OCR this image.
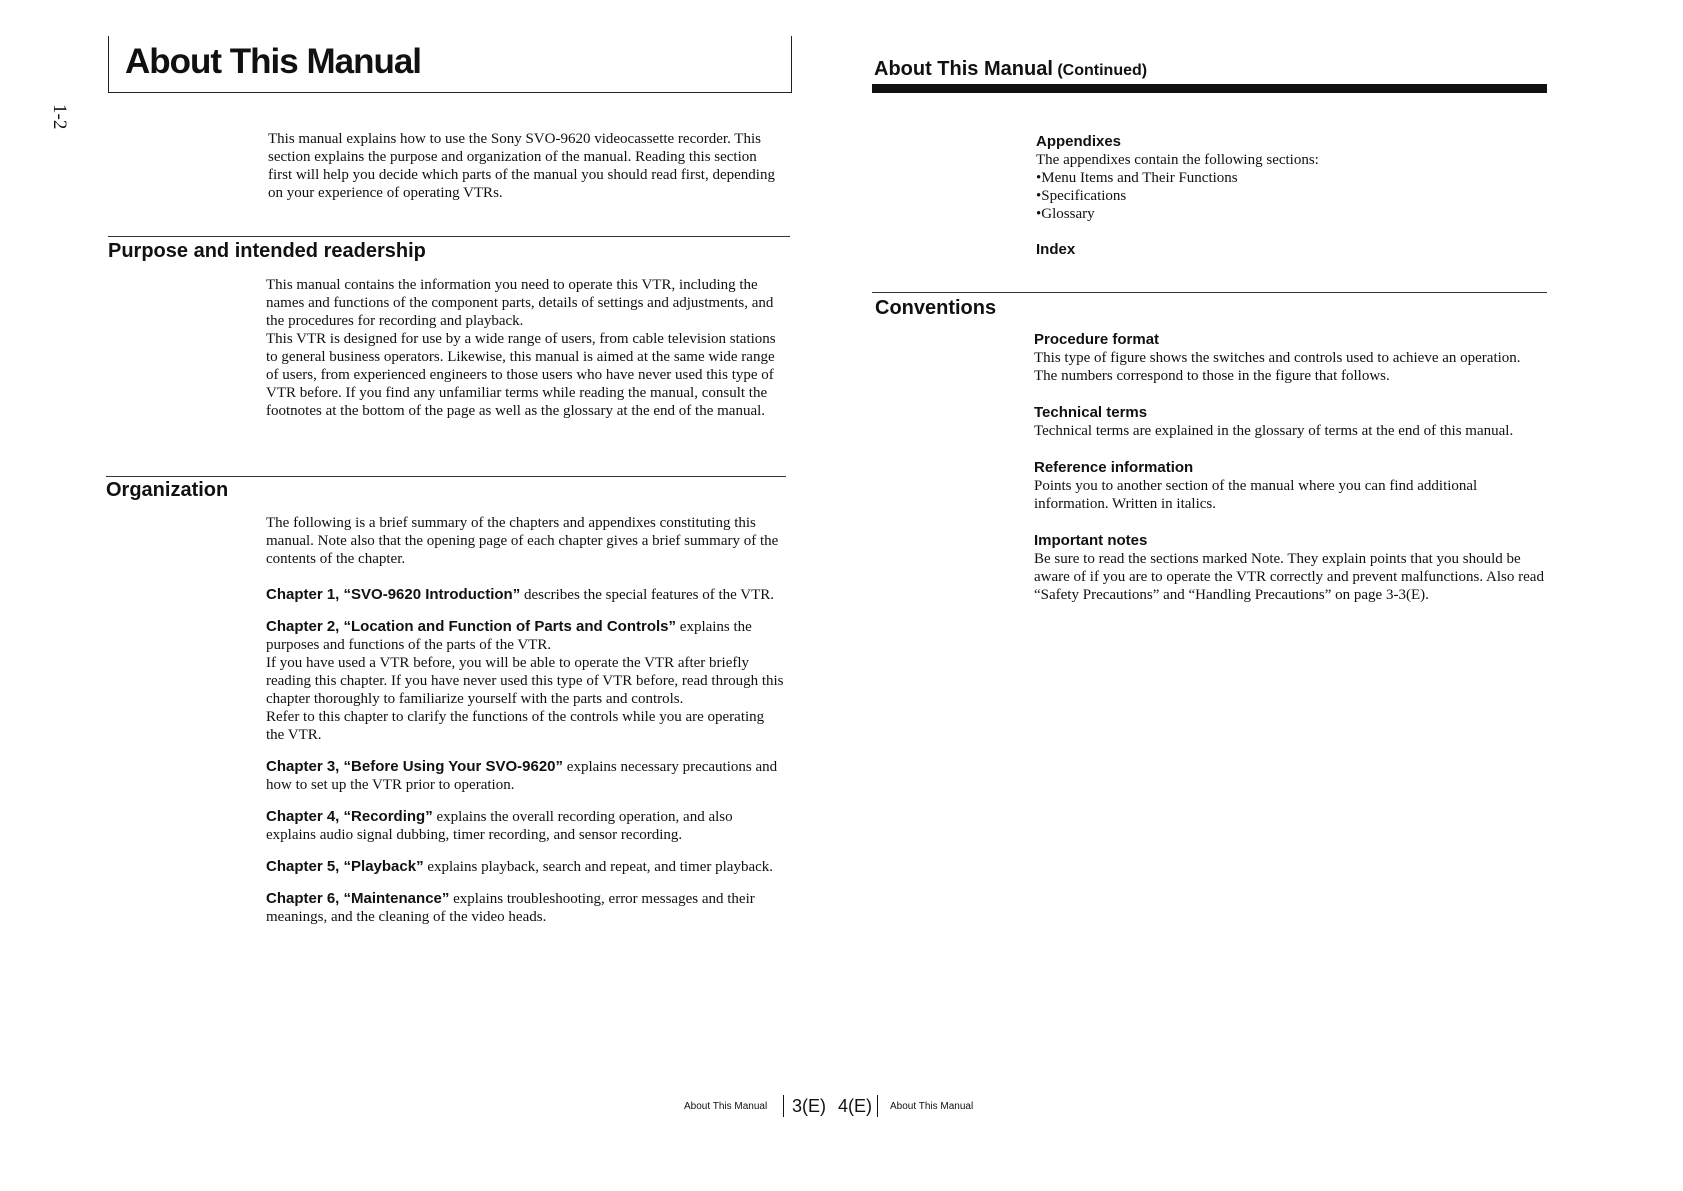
1-2
About This Manual
This manual explains how to use the Sony SVO-9620 videocassette recorder. This section explains the purpose and organization of the manual. Reading this section first will help you decide which parts of the manual you should read first, depending on your experience of operating VTRs.
Purpose and intended readership
This manual contains the information you need to operate this VTR, including the names and functions of the component parts, details of settings and adjustments, and the procedures for recording and playback.
This VTR is designed for use by a wide range of users, from cable television stations to general business operators. Likewise, this manual is aimed at the same wide range of users, from experienced engineers to those users who have never used this type of VTR before. If you find any unfamiliar terms while reading the manual, consult the footnotes at the bottom of the page as well as the glossary at the end of the manual.
Organization
The following is a brief summary of the chapters and appendixes constituting this manual. Note also that the opening page of each chapter gives a brief summary of the contents of the chapter.
Chapter 1, “SVO-9620 Introduction” describes the special features of the VTR.
Chapter 2, “Location and Function of Parts and Controls” explains the purposes and functions of the parts of the VTR.
If you have used a VTR before, you will be able to operate the VTR after briefly reading this chapter. If you have never used this type of VTR before, read through this chapter thoroughly to familiarize yourself with the parts and controls.
Refer to this chapter to clarify the functions of the controls while you are operating the VTR.
Chapter 3, “Before Using Your SVO-9620” explains necessary precautions and how to set up the VTR prior to operation.
Chapter 4, “Recording” explains the overall recording operation, and also explains audio signal dubbing, timer recording, and sensor recording.
Chapter 5, “Playback” explains playback, search and repeat, and timer playback.
Chapter 6, “Maintenance” explains troubleshooting, error messages and their meanings, and the cleaning of the video heads.
About This Manual (Continued)
Appendixes
The appendixes contain the following sections:
• Menu Items and Their Functions
• Specifications
• Glossary
Index
Conventions
Procedure format
This type of figure shows the switches and controls used to achieve an operation. The numbers correspond to those in the figure that follows.
Technical terms
Technical terms are explained in the glossary of terms at the end of this manual.
Reference information
Points you to another section of the manual where you can find additional information. Written in italics.
Important notes
Be sure to read the sections marked Note. They explain points that you should be aware of if you are to operate the VTR correctly and prevent malfunctions. Also read “Safety Precautions” and “Handling Precautions” on page 3-3(E).
About This Manual 3(E) 4(E) About This Manual
